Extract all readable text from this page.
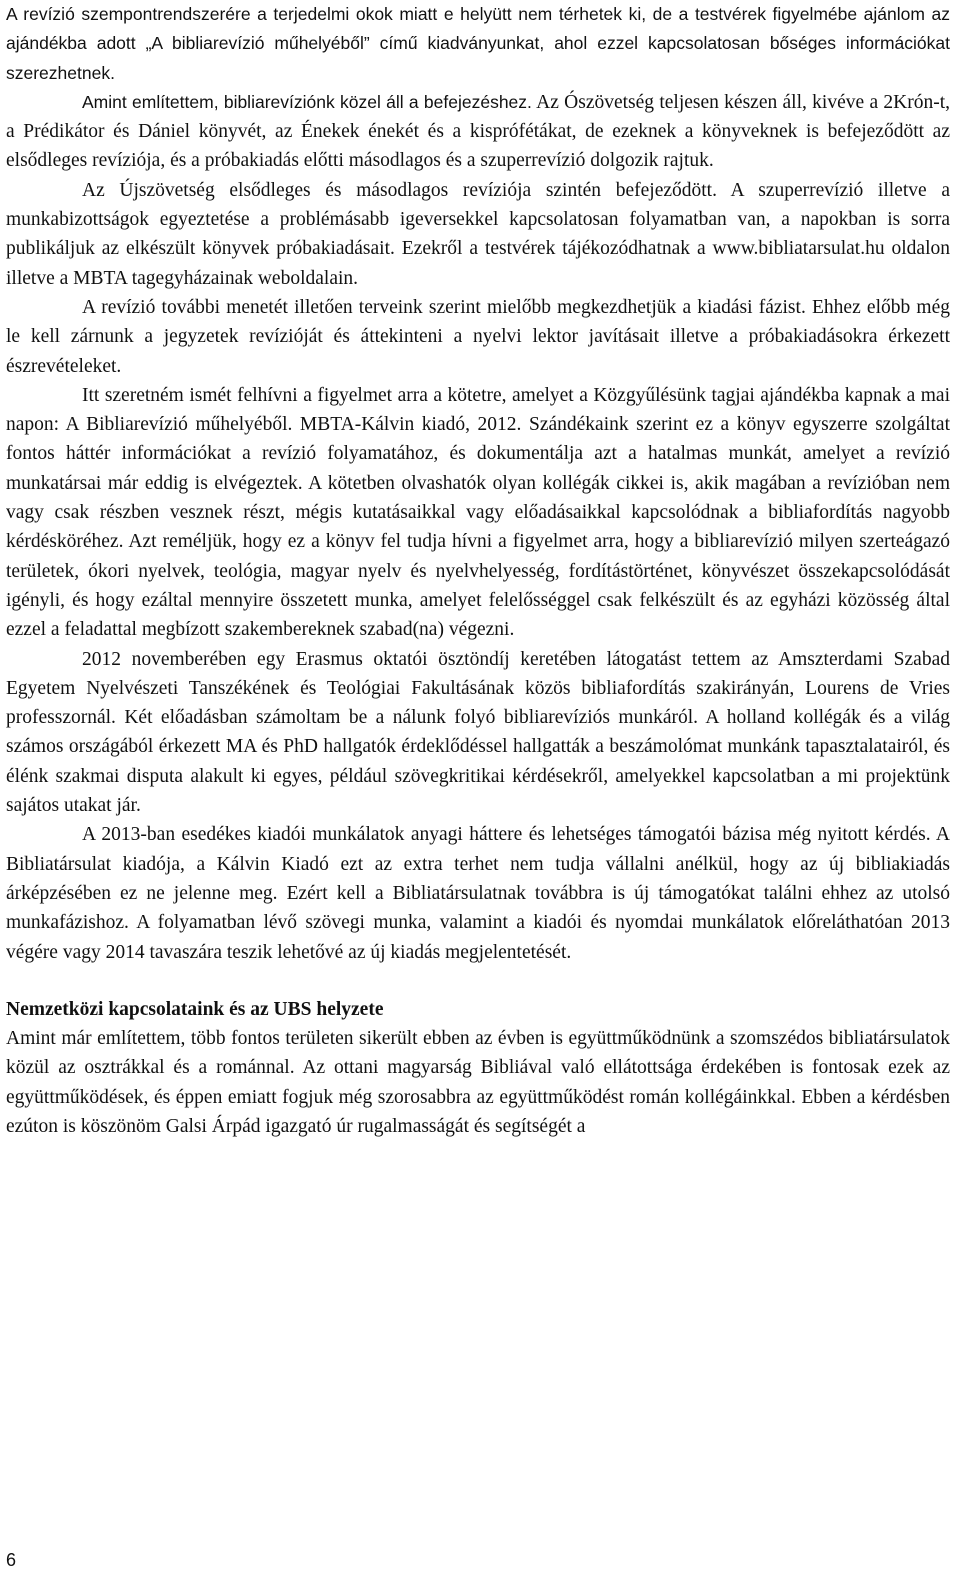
A revízió szempontrendszerére a terjedelmi okok miatt e helyütt nem térhetek ki, de a testvérek figyelmébe ajánlom az ajándékba adott „A bibliarevízió műhelyéből” című kiadványunkat, ahol ezzel kapcsolatosan bőséges információkat szerezhetnek.

Amint említettem, bibliarevíziónk közel áll a befejezéshez. Az Ószövetség teljesen készen áll, kivéve a 2Krón-t, a Prédikátor és Dániel könyvét, az Énekek énekét és a kisprófétákat, de ezeknek a könyveknek is befejeződött az elsődleges revíziója, és a próbakiadás előtti másodlagos és a szuperrevízió dolgozik rajtuk.

Az Újszövetség elsődleges és másodlagos revíziója szintén befejeződött. A szuperrevízió illetve a munkabizottságok egyeztetése a problémásabb igeversekkel kapcsolatosan folyamatban van, a napokban is sorra publikáljuk az elkészült könyvek próbakiadásait. Ezekről a testvérek tájékozódhatnak a www.bibliatarsulat.hu oldalon illetve a MBTA tagegyházainak weboldalain.

A revízió további menetét illetően terveink szerint mielőbb megkezdhetjük a kiadási fázist. Ehhez előbb még le kell zárnunk a jegyzetek revízióját és áttekinteni a nyelvi lektor javításait illetve a próbakiadásokra érkezett észrevételeket.

Itt szeretném ismét felhívni a figyelmet arra a kötetre, amelyet a Közgyűlésünk tagjai ajándékba kapnak a mai napon: A Bibliarevízió műhelyéből. MBTA-Kálvin kiadó, 2012. Szándékaink szerint ez a könyv egyszerre szolgáltat fontos háttér információkat a revízió folyamatához, és dokumentálja azt a hatalmas munkát, amelyet a revízió munkatársai már eddig is elvégeztek. A kötetben olvashatók olyan kollégák cikkei is, akik magában a revízióban nem vagy csak részben vesznek részt, mégis kutatásaikkal vagy előadásaikkal kapcsolódnak a bibliafordítás nagyobb kérdésköréhez. Azt reméljük, hogy ez a könyv fel tudja hívni a figyelmet arra, hogy a bibliarevízió milyen szerteágazó területek, ókori nyelvek, teológia, magyar nyelv és nyelvhelyesség, fordítástörténet, könyvészet összekapcsolódását igényli, és hogy ezáltal mennyire összetett munka, amelyet felelősséggel csak felkészült és az egyházi közösség által ezzel a feladattal megbízott szakembereknek szabad(na) végezni.

2012 novemberében egy Erasmus oktatói ösztöndíj keretében látogatást tettem az Amszterdami Szabad Egyetem Nyelvészeti Tanszékének és Teológiai Fakultásának közös bibliafordítás szakirányán, Lourens de Vries professzornál. Két előadásban számoltam be a nálunk folyó bibliarevíziós munkáról. A holland kollégák és a világ számos országából érkezett MA és PhD hallgatók érdeklődéssel hallgatták a beszámolómat munkánk tapasztalatairól, és élénk szakmai disputa alakult ki egyes, például szövegkritikai kérdésekről, amelyekkel kapcsolatban a mi projektünk sajátos utakat jár.

A 2013-ban esedékes kiadói munkálatok anyagi háttere és lehetséges támogatói bázisa még nyitott kérdés. A Bibliatársulat kiadója, a Kálvin Kiadó ezt az extra terhet nem tudja vállalni anélkül, hogy az új bibliakiadás árképzésében ez ne jelenne meg. Ezért kell a Bibliatársulatnak továbbra is új támogatókat találni ehhez az utolsó munkafázishoz. A folyamatban lévő szövegi munka, valamint a kiadói és nyomdai munkálatok előreláthatóan 2013 végére vagy 2014 tavaszára teszik lehetővé az új kiadás megjelentetését.

Nemzetközi kapcsolataink és az UBS helyzete

Amint már említettem, több fontos területen sikerült ebben az évben is együttműködnünk a szomszédos bibliatársulatok közül az osztrákkal és a románnal. Az ottani magyarság Bibliával való ellátottsága érdekében is fontosak ezek az együttműködések, és éppen emiatt fogjuk még szorosabbra az együttműködést román kollégáinkkal. Ebben a kérdésben ezúton is köszönöm Galsi Árpád igazgató úr rugalmasságát és segítségét a

6
